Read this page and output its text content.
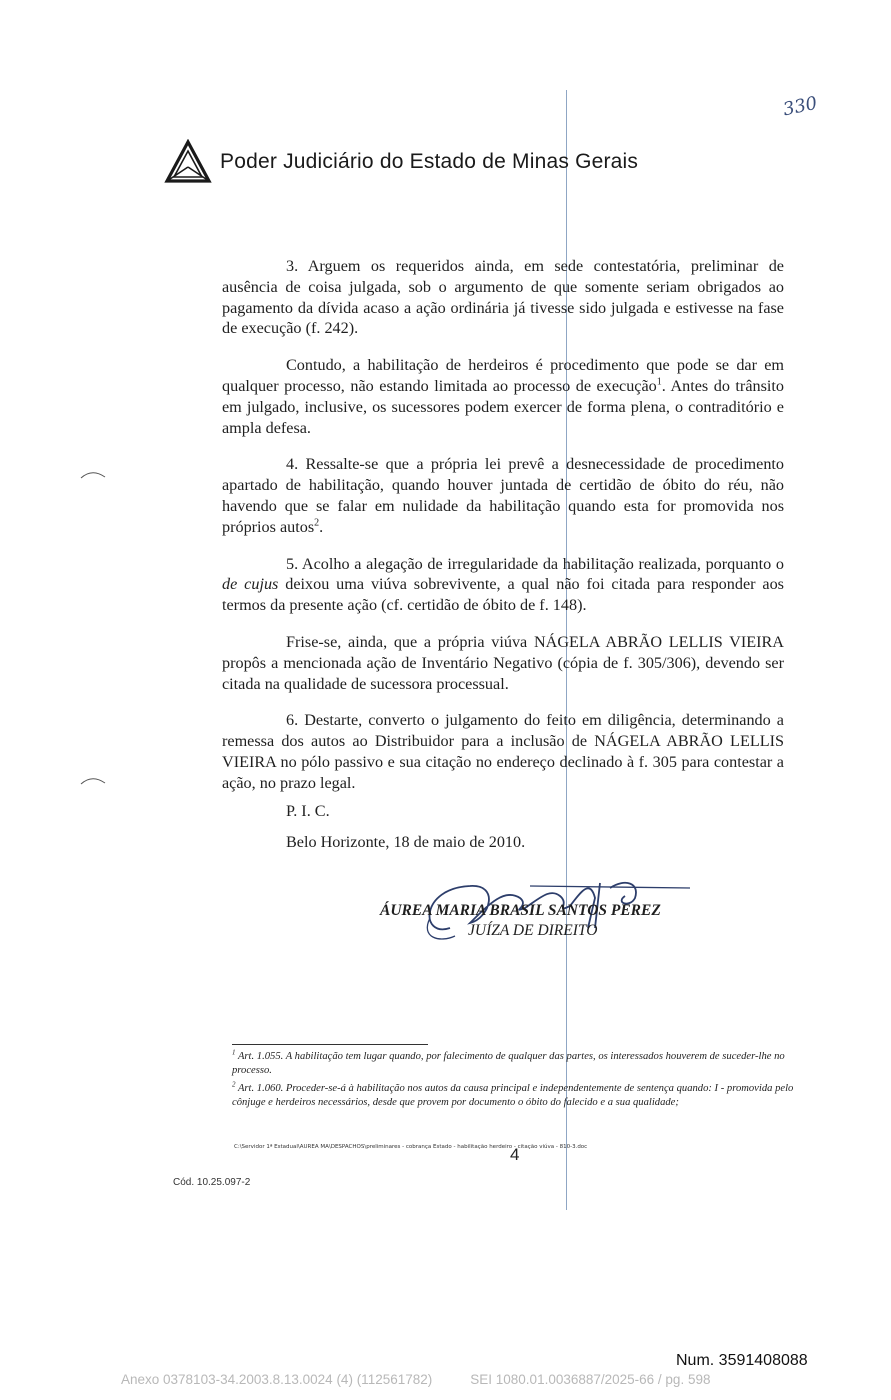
330
Poder Judiciário do Estado de Minas Gerais

3. Arguem os requeridos ainda, em sede contestatória, preliminar de ausência de coisa julgada, sob o argumento de que somente seriam obrigados ao pagamento da dívida acaso a ação ordinária já tivesse sido julgada e estivesse na fase de execução (f. 242).

Contudo, a habilitação de herdeiros é procedimento que pode se dar em qualquer processo, não estando limitada ao processo de execução$^1$. Antes do trânsito em julgado, inclusive, os sucessores podem exercer de forma plena, o contraditório e ampla defesa.

4. Ressalte-se que a própria lei prevê a desnecessidade de procedimento apartado de habilitação, quando houver juntada de certidão de óbito do réu, não havendo que se falar em nulidade da habilitação quando esta for promovida nos próprios autos$^2$.

5. Acolho a alegação de irregularidade da habilitação realizada, porquanto o de cujus deixou uma viúva sobrevivente, a qual não foi citada para responder aos termos da presente ação (cf. certidão de óbito de f. 148).

Frise-se, ainda, que a própria viúva NÁGELA ABRÃO LELLIS VIEIRA propôs a mencionada ação de Inventário Negativo (cópia de f. 305/306), devendo ser citada na qualidade de sucessora processual.

6. Destarte, converto o julgamento do feito em diligência, determinando a remessa dos autos ao Distribuidor para a inclusão de NÁGELA ABRÃO LELLIS VIEIRA no pólo passivo e sua citação no endereço declinado à f. 305 para contestar a ação, no prazo legal.

P. I. C.
Belo Horizonte, 18 de maio de 2010.
ÁUREA MARIA BRASIL SANTOS PEREZ
JUÍZA DE DIREITO

$^1$ Art. 1.055. A habilitação tem lugar quando, por falecimento de qualquer das partes, os interessados houverem de suceder-lhe no processo.

$^2$ Art. 1.060. Proceder-se-á à habilitação nos autos da causa principal e independentemente de sentença quando: I - promovida pelo cônjuge e herdeiros necessários, desde que provem por documento o óbito do falecido e a sua qualidade;

C:\Servidor 1ª Estadual\AUREA MA\DESPACHOS\preliminares - cobrança Estado - habilitação herdeiro - citação viúva - 810-3.doc
4
Cód. 10.25.097-2
Num. 3591408088
Anexo 0378103-34.2003.8.13.0024 (4) (112561782)	SEI 1080.01.0036887/2025-66 / pg. 598
